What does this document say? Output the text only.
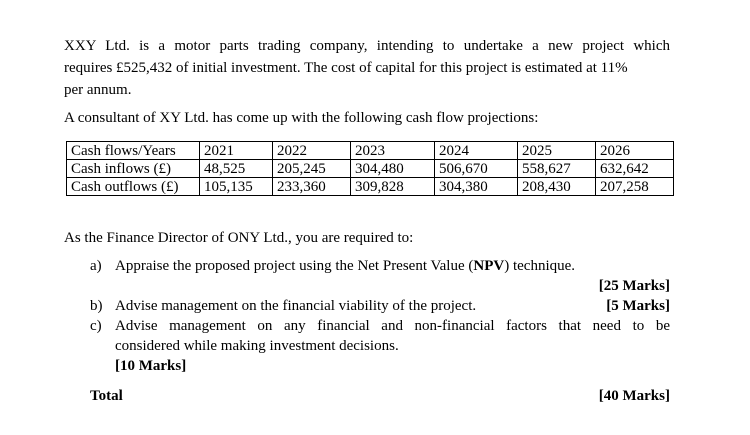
XXY Ltd. is a motor parts trading company, intending to undertake a new project which
requires £525,432 of initial investment. The cost of capital for this project is estimated at 11%
per annum.
A consultant of XY Ltd. has come up with the following cash flow projections:
Cash flows/Years	2021	2022	2023	2024	2025	2026
Cash inflows (£)	48,525	205,245	304,480	506,670	558,627	632,642
Cash outflows (£)	105,135	233,360	309,828	304,380	208,430	207,258
As the Finance Director of ONY Ltd., you are required to:
a) Appraise the proposed project using the Net Present Value (NPV) technique.
[25 Marks]
b) Advise management on the financial viability of the project.	[5 Marks]
c) Advise management on any financial and non-financial factors that need to be
considered while making investment decisions.
[10 Marks]
Total	[40 Marks]
